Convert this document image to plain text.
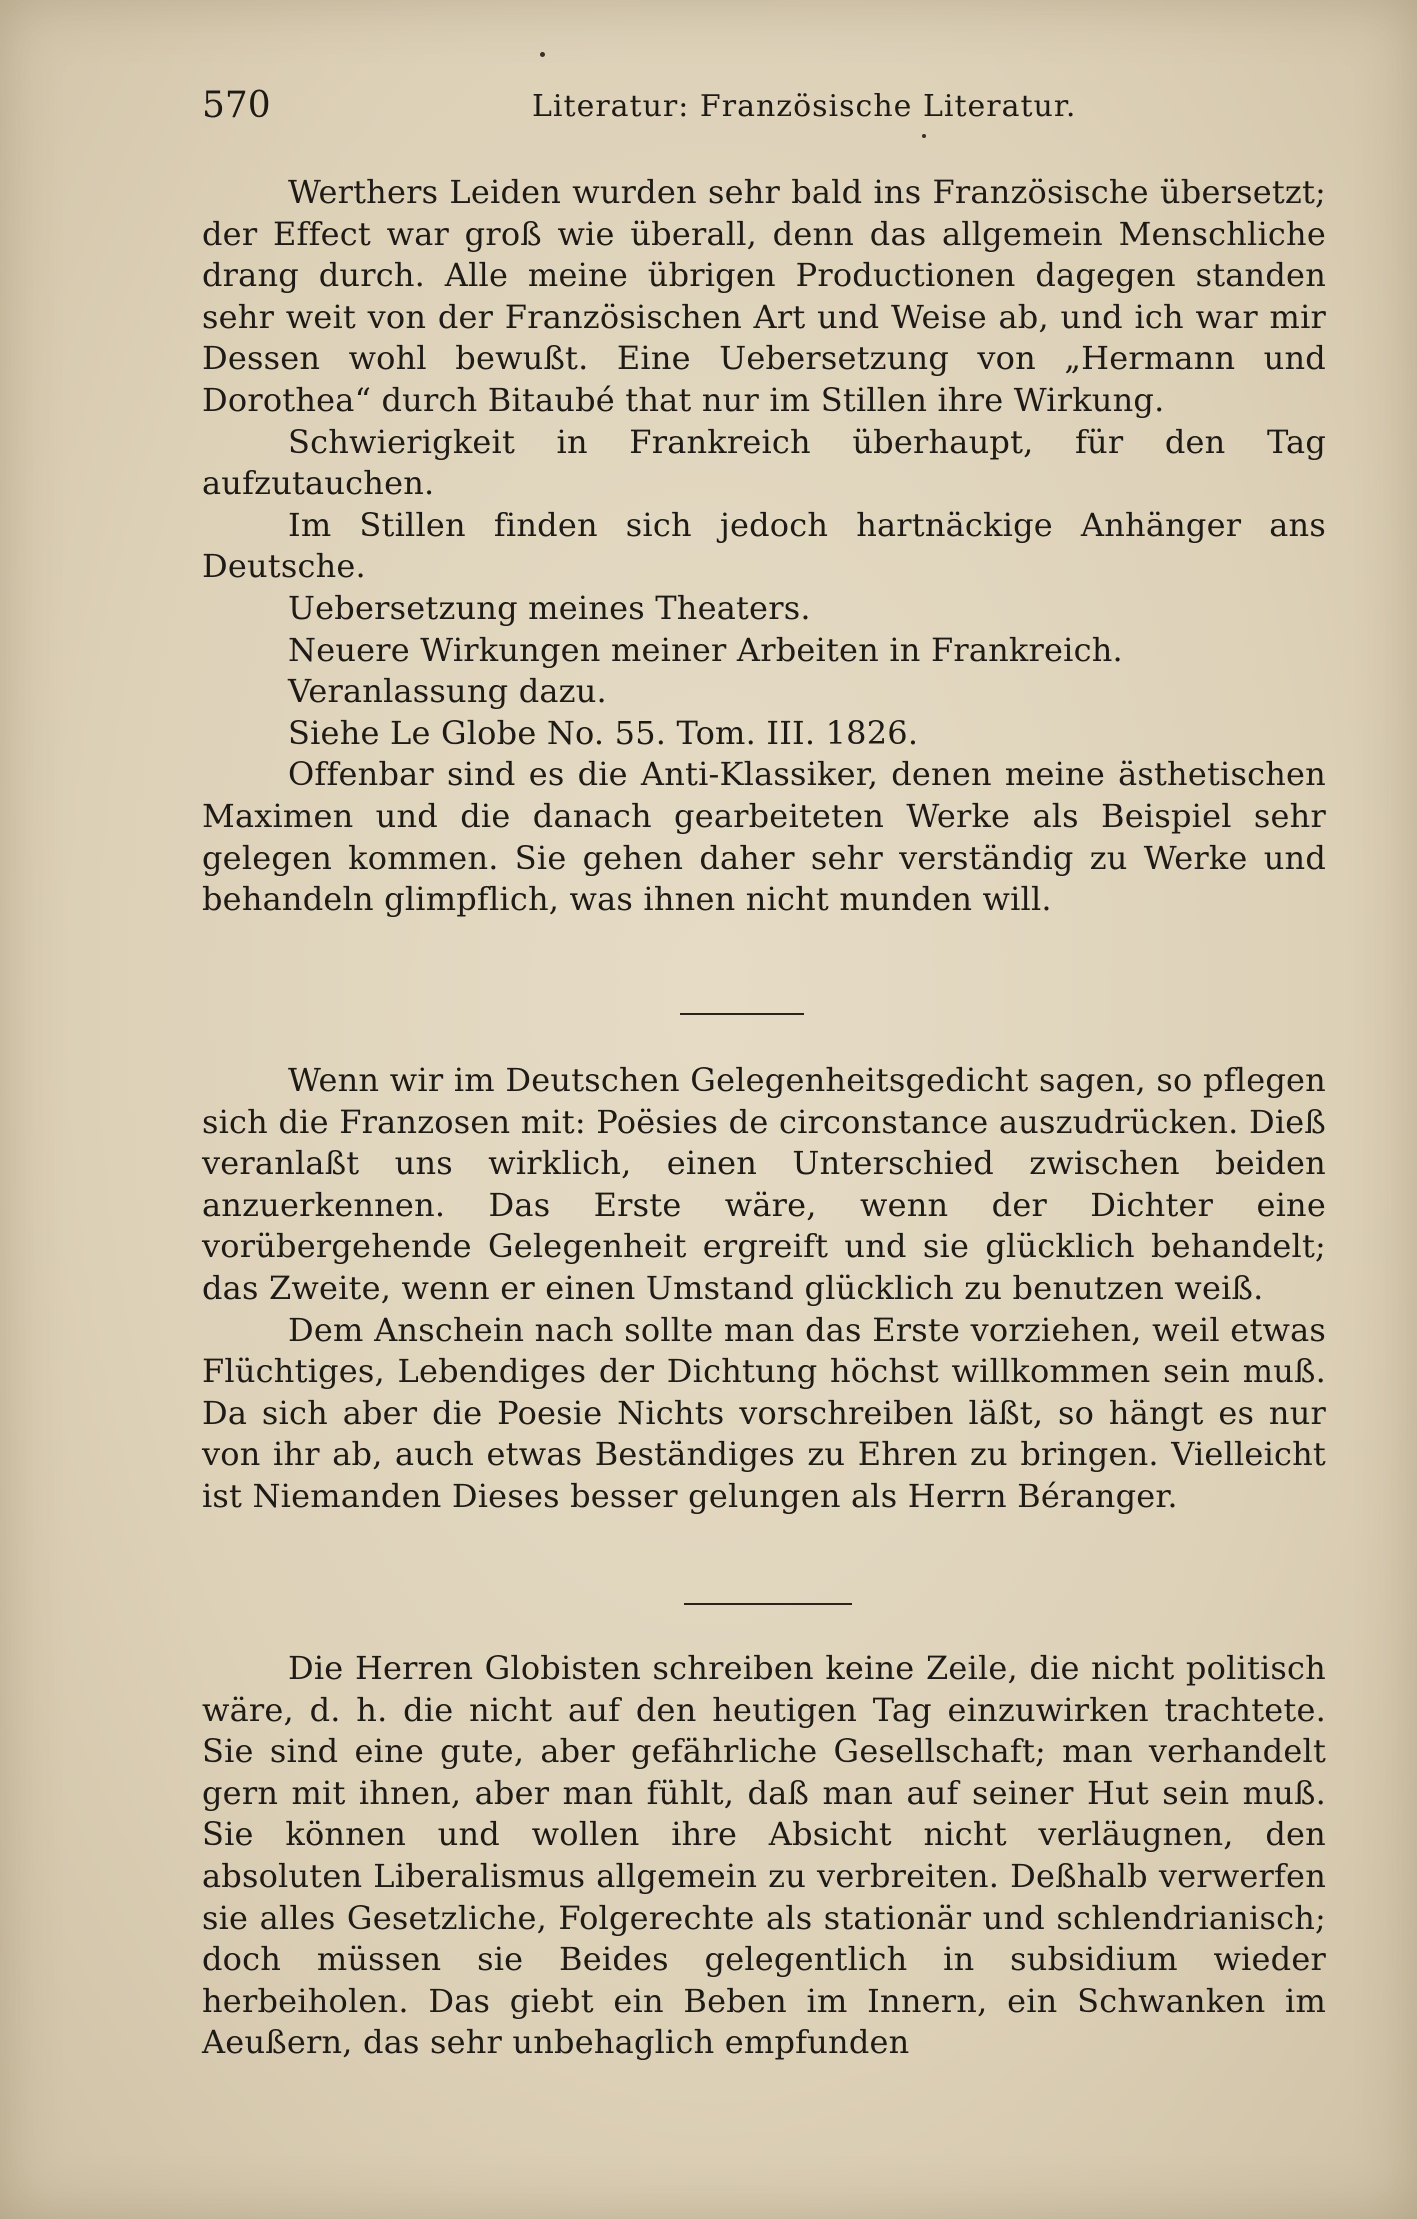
570	Literatur: Französische Literatur.

Werthers Leiden wurden sehr bald ins Französische übersetzt; der Effect war groß wie überall, denn das allgemein Menschliche drang durch. Alle meine übrigen Productionen dagegen standen sehr weit von der Französischen Art und Weise ab, und ich war mir Dessen wohl bewußt. Eine Uebersetzung von „Hermann und Dorothea“ durch Bitaubé that nur im Stillen ihre Wirkung.

Schwierigkeit in Frankreich überhaupt, für den Tag aufzutauchen.

Im Stillen finden sich jedoch hartnäckige Anhänger ans Deutsche.

Uebersetzung meines Theaters.

Neuere Wirkungen meiner Arbeiten in Frankreich.

Veranlassung dazu.

Siehe Le Globe No. 55. Tom. III. 1826.

Offenbar sind es die Anti-Klassiker, denen meine ästhetischen Maximen und die danach gearbeiteten Werke als Beispiel sehr gelegen kommen. Sie gehen daher sehr verständig zu Werke und behandeln glimpflich, was ihnen nicht munden will.

Wenn wir im Deutschen Gelegenheitsgedicht sagen, so pflegen sich die Franzosen mit: Poësies de circonstance auszudrücken. Dieß veranlaßt uns wirklich, einen Unterschied zwischen beiden anzuerkennen. Das Erste wäre, wenn der Dichter eine vorübergehende Gelegenheit ergreift und sie glücklich behandelt; das Zweite, wenn er einen Umstand glücklich zu benutzen weiß.

Dem Anschein nach sollte man das Erste vorziehen, weil etwas Flüchtiges, Lebendiges der Dichtung höchst willkommen sein muß. Da sich aber die Poesie Nichts vorschreiben läßt, so hängt es nur von ihr ab, auch etwas Beständiges zu Ehren zu bringen. Vielleicht ist Niemanden Dieses besser gelungen als Herrn Béranger.

Die Herren Globisten schreiben keine Zeile, die nicht politisch wäre, d. h. die nicht auf den heutigen Tag einzuwirken trachtete. Sie sind eine gute, aber gefährliche Gesellschaft; man verhandelt gern mit ihnen, aber man fühlt, daß man auf seiner Hut sein muß. Sie können und wollen ihre Absicht nicht verläugnen, den absoluten Liberalismus allgemein zu verbreiten. Deßhalb verwerfen sie alles Gesetzliche, Folgerechte als stationär und schlendrianisch; doch müssen sie Beides gelegentlich in subsidium wieder herbeiholen. Das giebt ein Beben im Innern, ein Schwanken im Aeußern, das sehr unbehaglich empfunden
